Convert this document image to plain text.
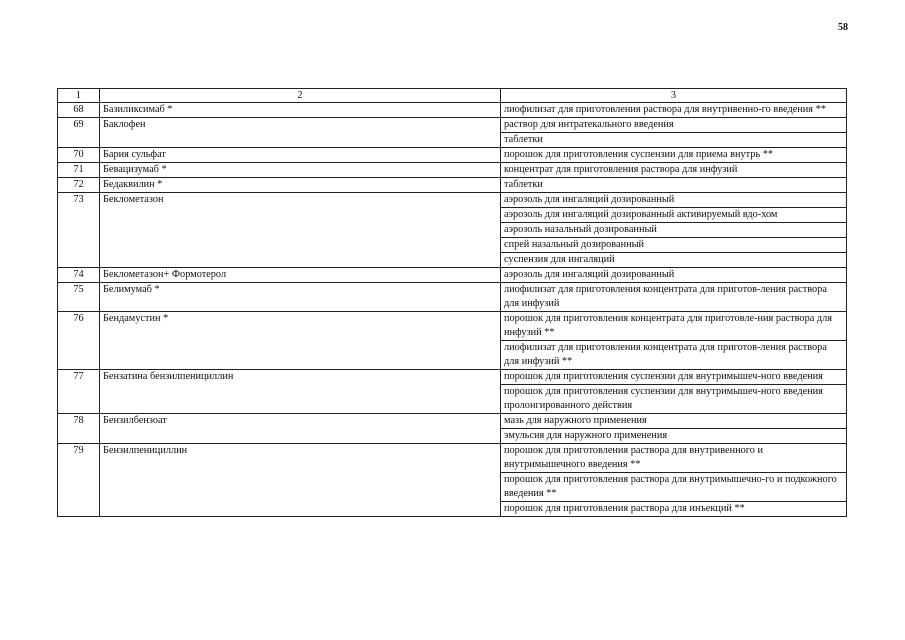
58
1	2	3
68	Базиликсимаб *	лиофилизат для приготовления раствора для внутривенно-го введения **
69	Баклофен	раствор для интратекального введения
		таблетки
70	Бария сульфат	порошок для приготовления суспензии для приема внутрь **
71	Бевацизумаб *	концентрат для приготовления раствора для инфузий
72	Бедаквилин *	таблетки
73	Беклометазон	аэрозоль для ингаляций дозированный
		аэрозоль для ингаляций дозированный активируемый вдо-хом
		аэрозоль назальный дозированный
		спрей назальный дозированный
		суспензия для ингаляций
74	Беклометазон+ Формотерол	аэрозоль для ингаляций дозированный
75	Белимумаб *	лиофилизат для приготовления концентрата для приготов-ления раствора для инфузий
76	Бендамустин *	порошок для приготовления концентрата для приготовле-ния раствора для инфузий **
		лиофилизат для приготовления концентрата для приготов-ления раствора для инфузий **
77	Бензатина бензилпенициллин	порошок для приготовления суспензии для внутримышеч-ного введения
		порошок для приготовления суспензии для внутримышеч-ного введения пролонгированного действия
78	Бензилбензоат	мазь для наружного применения
		эмульсия для наружного применения
79	Бензилпенициллин	порошок для приготовления раствора для внутривенного и внутримышечного введения **
		порошок для приготовления раствора для внутримышечно-го и подкожного введения **
		порошок для приготовления раствора для инъекций **
